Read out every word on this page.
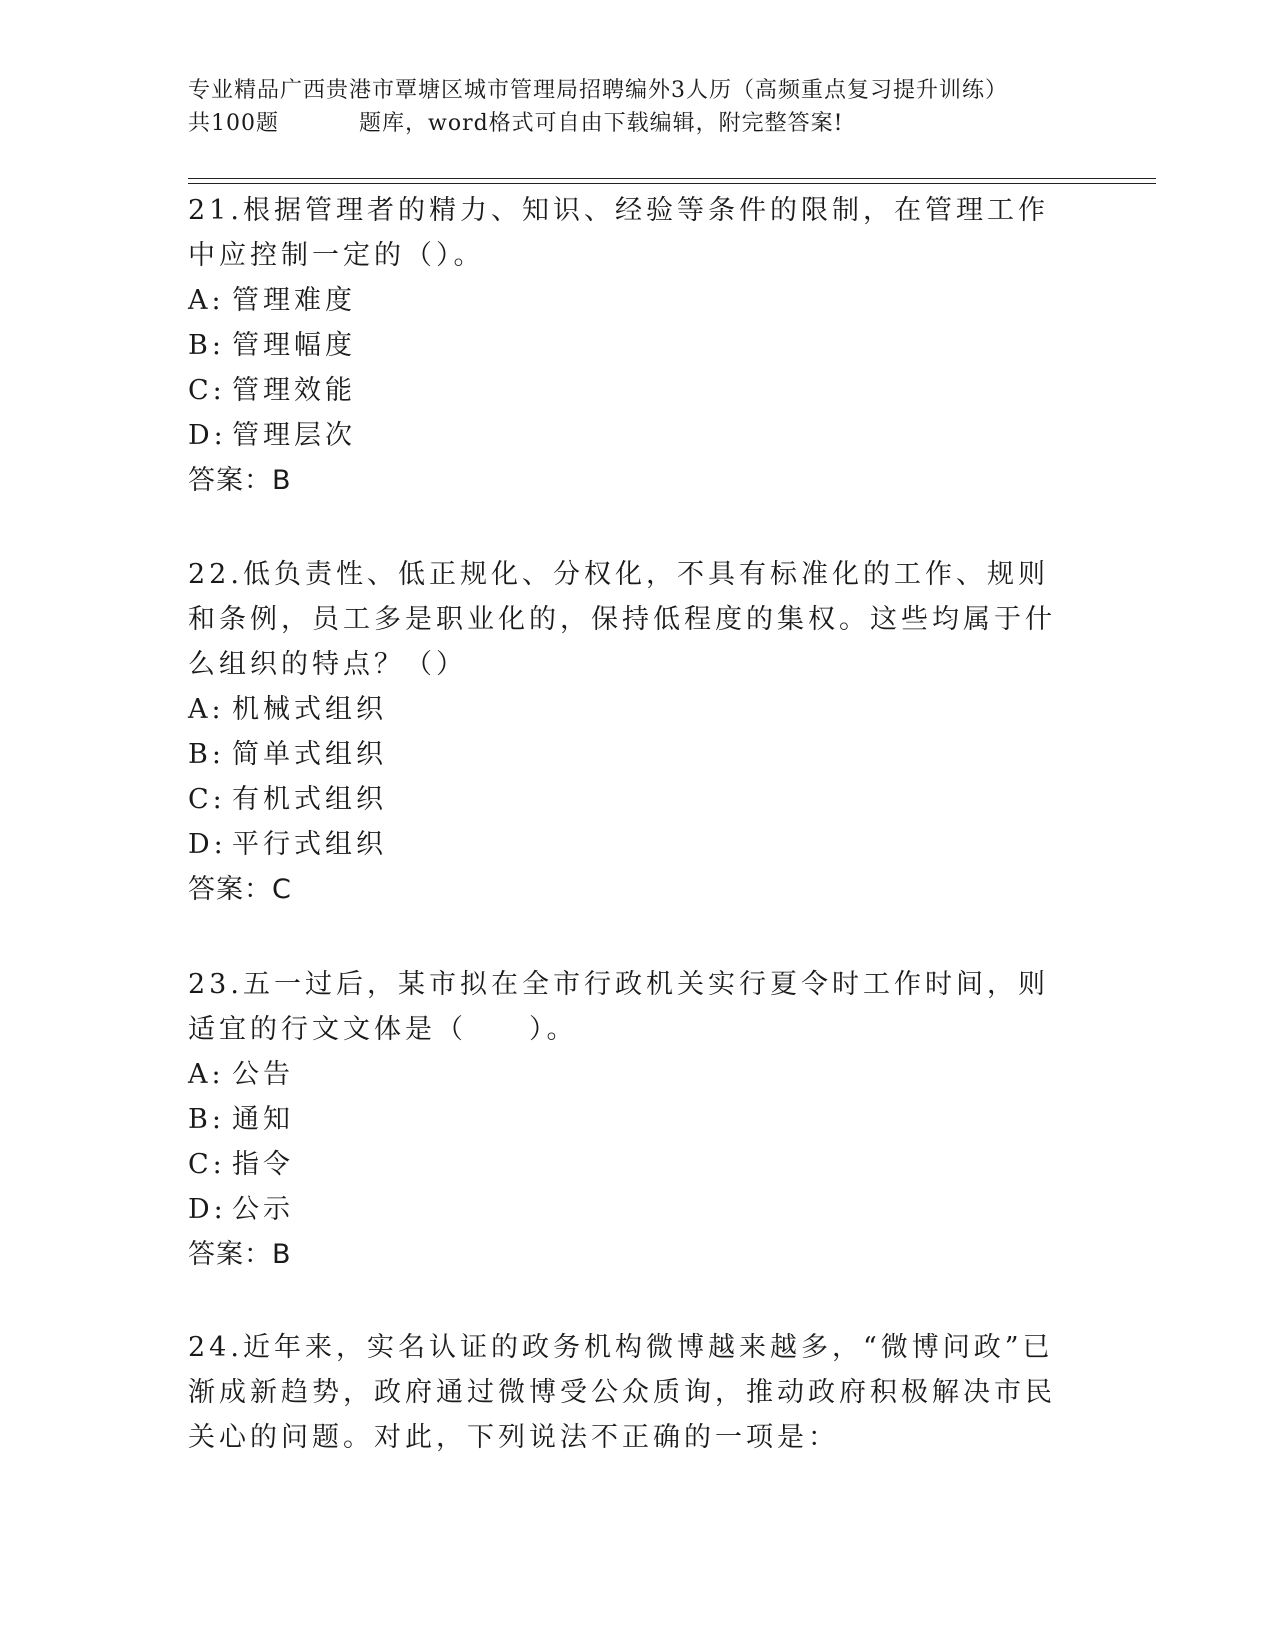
专业精品广西贵港市覃塘区城市管理局招聘编外3人历（高频重点复习提升训练）
共100题	题库，word格式可自由下载编辑，附完整答案!
21.根据管理者的精力、知识、经验等条件的限制，在管理工作中应控制一定的（）。
A: 管理难度
B: 管理幅度
C: 管理效能
D: 管理层次
答案：B
22.低负责性、低正规化、分权化，不具有标准化的工作、规则和条例，员工多是职业化的，保持低程度的集权。这些均属于什么组织的特点？（）
A: 机械式组织
B: 简单式组织
C: 有机式组织
D: 平行式组织
答案：C
23.五一过后，某市拟在全市行政机关实行夏令时工作时间，则适宜的行文文体是（　　）。
A: 公告
B: 通知
C: 指令
D: 公示
答案：B
24.近年来，实名认证的政务机构微博越来越多，“微博问政”已渐成新趋势，政府通过微博受公众质询，推动政府积极解决市民关心的问题。对此，下列说法不正确的一项是：
